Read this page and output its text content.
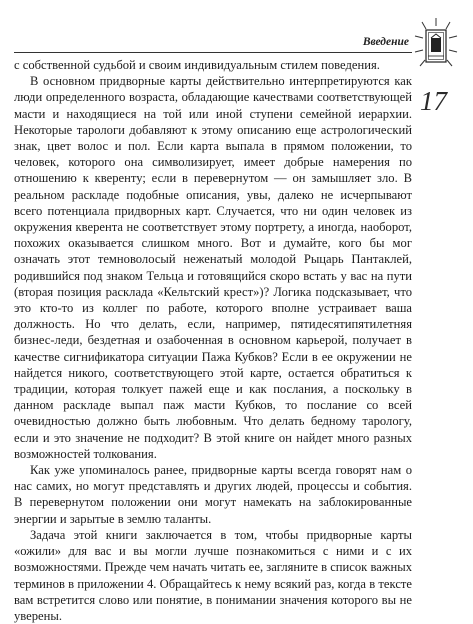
Введение
17

с собственной судьбой и своим индивидуальным стилем поведения.

В основном придворные карты действительно интерпретируются как люди определенного возраста, обладающие качествами соответствующей масти и находящиеся на той или иной ступени семейной иерархии. Некоторые тарологи добавляют к этому описанию еще астрологический знак, цвет волос и пол. Если карта выпала в прямом положении, то человек, которого она символизирует, имеет добрые намерения по отношению к кверенту; если в перевернутом — он замышляет зло. В реальном раскладе подобные описания, увы, далеко не исчерпывают всего потенциала придворных карт. Случается, что ни один человек из окружения кверента не соответствует этому портрету, а иногда, наоборот, похожих оказывается слишком много. Вот и думайте, кого бы мог означать этот темноволосый неженатый молодой Рыцарь Пантаклей, родившийся под знаком Тельца и готовящийся скоро встать у вас на пути (вторая позиция расклада «Кельтский крест»)? Логика подсказывает, что это кто-то из коллег по работе, которого вполне устраивает ваша должность. Но что делать, если, например, пятидесятипятилетняя бизнес-леди, бездетная и озабоченная в основном карьерой, получает в качестве сигнификатора ситуации Пажа Кубков? Если в ее окружении не найдется никого, соответствующего этой карте, остается обратиться к традиции, которая толкует пажей еще и как послания, а поскольку в данном раскладе выпал паж масти Кубков, то послание со всей очевидностью должно быть любовным. Что делать бедному тарологу, если и это значение не подходит? В этой книге он найдет много разных возможностей толкования.

Как уже упоминалось ранее, придворные карты всегда говорят нам о нас самих, но могут представлять и других людей, процессы и события. В перевернутом положении они могут намекать на заблокированные энергии и зарытые в землю таланты.

Задача этой книги заключается в том, чтобы придворные карты «ожили» для вас и вы могли лучше познакомиться с ними и с их возможностями. Прежде чем начать читать ее, загляните в список важных терминов в приложении 4. Обращайтесь к нему всякий раз, когда в тексте вам встретится слово или понятие, в понимании значения которого вы не уверены.
